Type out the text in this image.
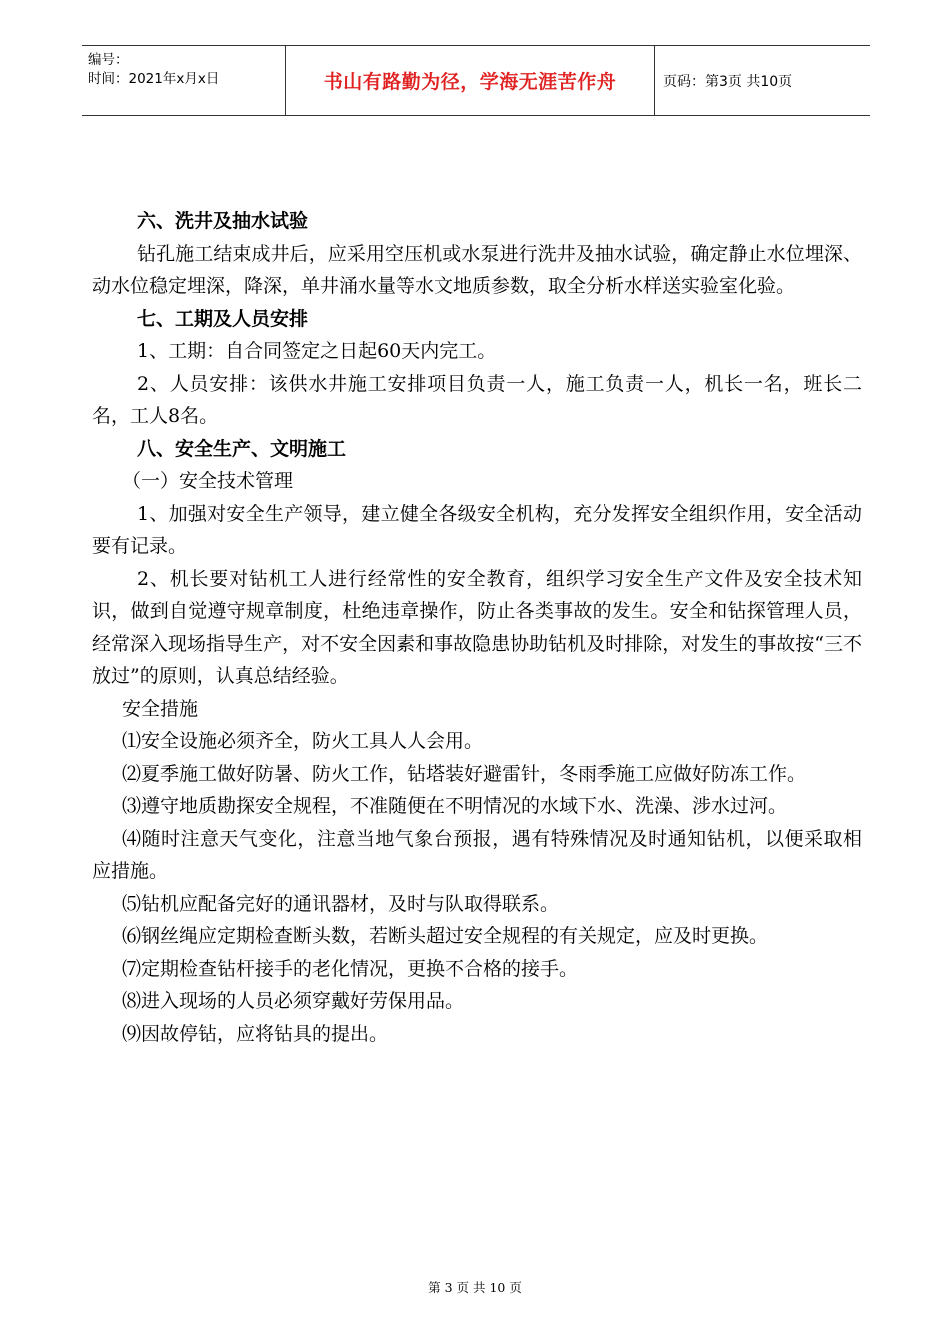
编号：
时间：2021年x月x日	书山有路勤为径，学海无涯苦作舟	页码：第3页 共10页

六、洗井及抽水试验

钻孔施工结束成井后，应采用空压机或水泵进行洗井及抽水试验，确定静止水位埋深、动水位稳定埋深，降深，单井涌水量等水文地质参数，取全分析水样送实验室化验。

七、工期及人员安排

1、工期：自合同签定之日起60天内完工。

2、人员安排：该供水井施工安排项目负责一人，施工负责一人，机长一名，班长二名，工人8名。

八、安全生产、文明施工

（一）安全技术管理

1、加强对安全生产领导，建立健全各级安全机构，充分发挥安全组织作用，安全活动要有记录。

2、机长要对钻机工人进行经常性的安全教育，组织学习安全生产文件及安全技术知识，做到自觉遵守规章制度，杜绝违章操作，防止各类事故的发生。安全和钻探管理人员，经常深入现场指导生产，对不安全因素和事故隐患协助钻机及时排除，对发生的事故按“三不放过”的原则，认真总结经验。

安全措施

⑴安全设施必须齐全，防火工具人人会用。

⑵夏季施工做好防暑、防火工作，钻塔装好避雷针，冬雨季施工应做好防冻工作。

⑶遵守地质勘探安全规程，不准随便在不明情况的水域下水、洗澡、涉水过河。

⑷随时注意天气变化，注意当地气象台预报，遇有特殊情况及时通知钻机，以便采取相应措施。

⑸钻机应配备完好的通讯器材，及时与队取得联系。

⑹钢丝绳应定期检查断头数，若断头超过安全规程的有关规定，应及时更换。

⑺定期检查钻杆接手的老化情况，更换不合格的接手。

⑻进入现场的人员必须穿戴好劳保用品。

⑼因故停钻，应将钻具的提出。

第 3 页 共 10 页
